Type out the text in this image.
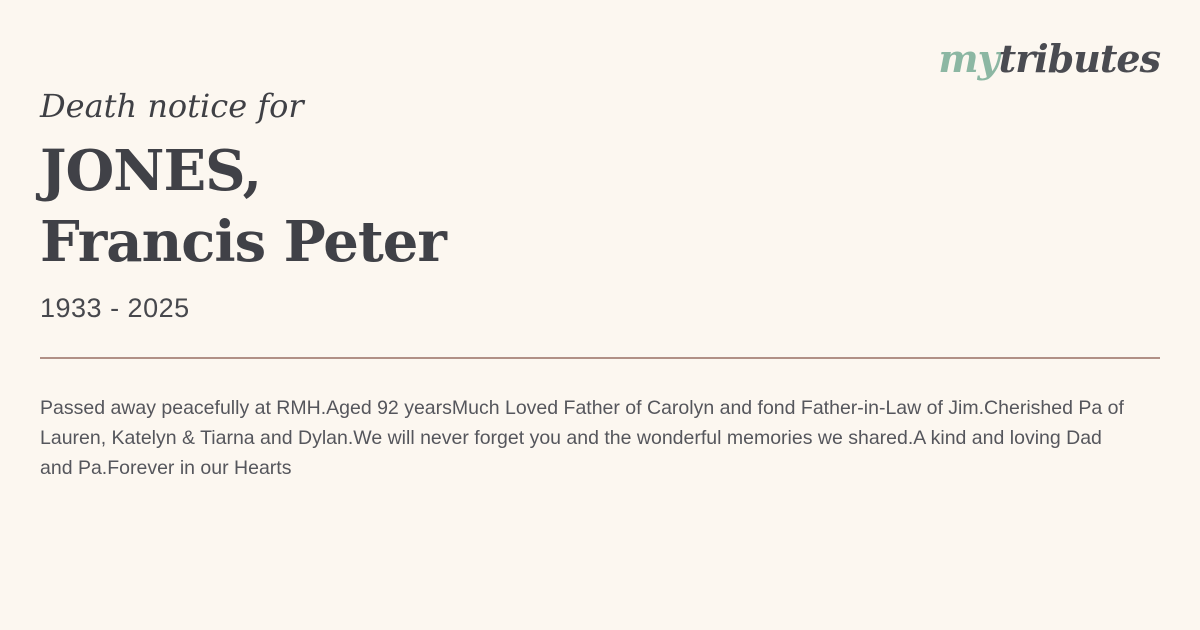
mytributes
Death notice for
JONES,
Francis Peter
1933 - 2025
Passed away peacefully at RMH.Aged 92 yearsMuch Loved Father of Carolyn and fond Father-in-Law of Jim.Cherished Pa of Lauren, Katelyn & Tiarna and Dylan.We will never forget you and the wonderful memories we shared.A kind and loving Dad and Pa.Forever in our Hearts
